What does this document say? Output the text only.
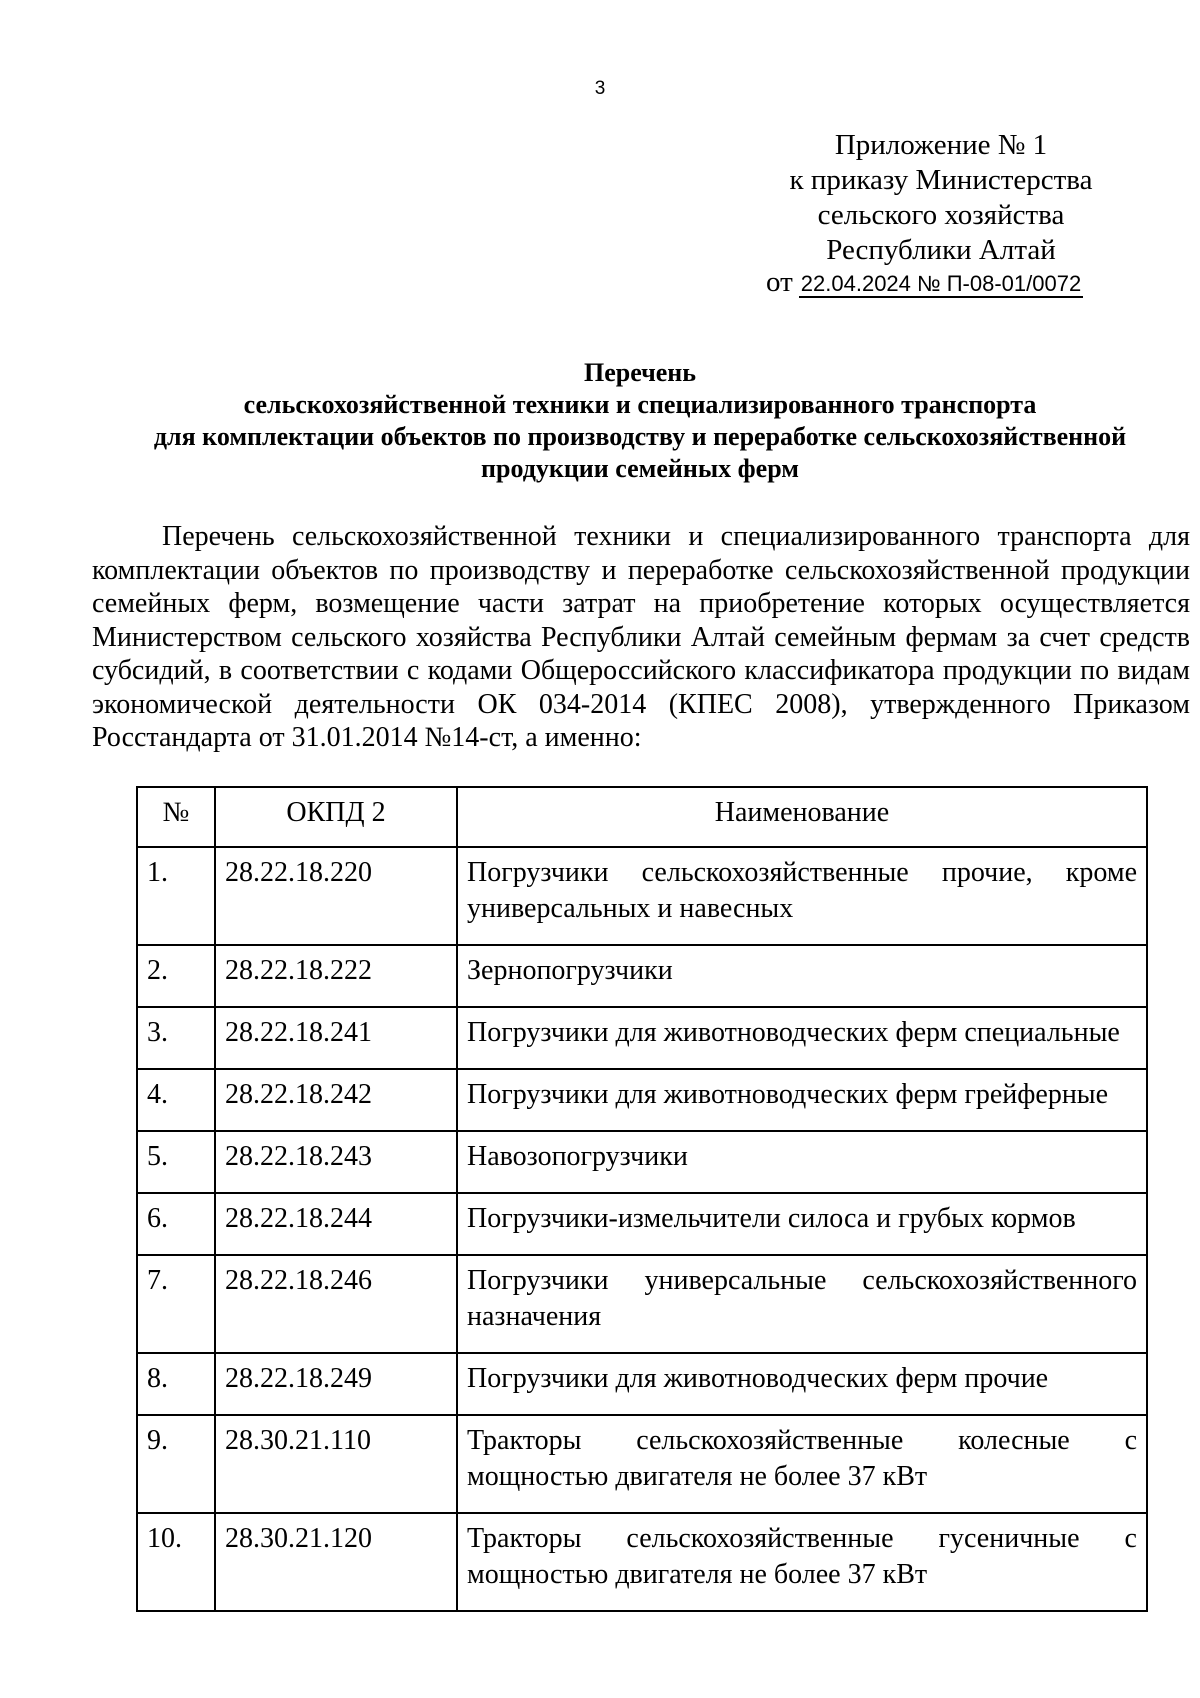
3
Приложение № 1
к приказу Министерства
сельского хозяйства
Республики Алтай
от 22.04.2024 № П-08-01/0072
Перечень
сельскохозяйственной техники и специализированного транспорта
для комплектации объектов по производству и переработке сельскохозяйственной
продукции семейных ферм
Перечень сельскохозяйственной техники и специализированного транспорта для комплектации объектов по производству и переработке сельскохозяйственной продукции семейных ферм, возмещение части затрат на приобретение которых осуществляется Министерством сельского хозяйства Республики Алтай семейным фермам за счет средств субсидий, в соответствии с кодами Общероссийского классификатора продукции по видам экономической деятельности ОК 034-2014 (КПЕС 2008), утвержденного Приказом Росстандарта от 31.01.2014 №14-ст, а именно:
№	ОКПД 2	Наименование
1.	28.22.18.220	Погрузчики сельскохозяйственные прочие, кроме универсальных и навесных
2.	28.22.18.222	Зернопогрузчики
3.	28.22.18.241	Погрузчики для животноводческих ферм специальные
4.	28.22.18.242	Погрузчики для животноводческих ферм грейферные
5.	28.22.18.243	Навозопогрузчики
6.	28.22.18.244	Погрузчики-измельчители силоса и грубых кормов
7.	28.22.18.246	Погрузчики универсальные сельскохозяйственного назначения
8.	28.22.18.249	Погрузчики для животноводческих ферм прочие
9.	28.30.21.110	Тракторы сельскохозяйственные колесные с мощностью двигателя не более 37 кВт
10.	28.30.21.120	Тракторы сельскохозяйственные гусеничные с мощностью двигателя не более 37 кВт
